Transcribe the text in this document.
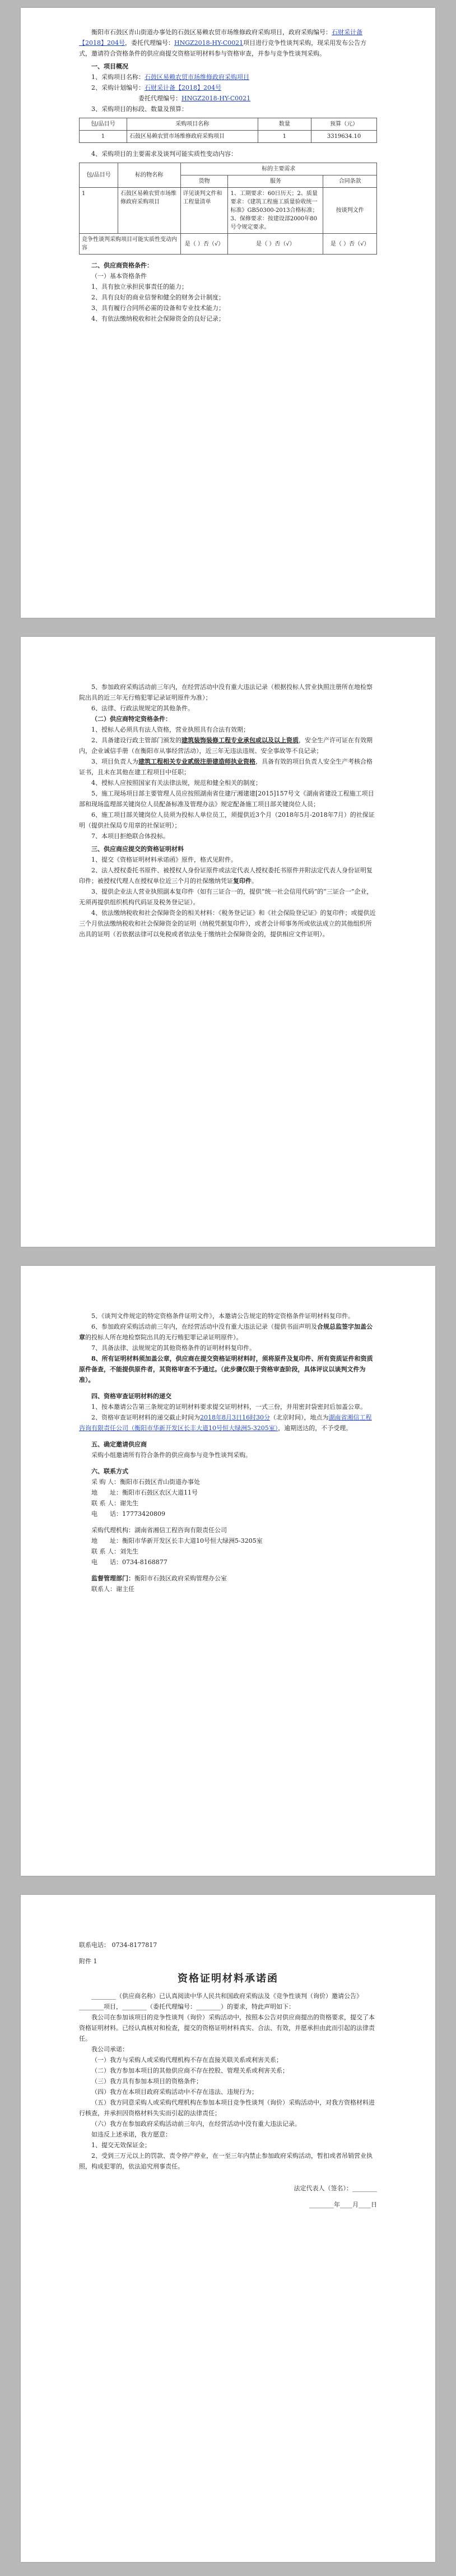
衡阳市石鼓区青山街道办事处的石鼓区易赖农贸市场维修政府采购项目，政府采购编号：石财采计备【2018】204号，委托代理编号：HNGZ2018-HY-C0021项目进行竞争性谈判采购，现采用发布公告方式，邀请符合资格条件的供应商提交资格证明材料参与资格审查，并参与竞争性谈判采购。

一、项目概况

1、采购项目名称：石鼓区易赖农贸市场维修政府采购项目

2、采购计划编号：石财采计备【2018】204号

委托代理编号：HNGZ2018-HY-C0021

3、采购项目的标段、数量及预算：

包/品目号	采购项目名称	数量	预算（元）
1	石鼓区易赖农贸市场维修政府采购项目	1	3319634.10

4、采购项目的主要需求及谈判可能实质性变动内容：

包/品目号	标的物名称	标的主要需求		
		货物	服务	合同条款
1	石鼓区易赖农贸市场维修政府采购项目	详见谈判文件和工程量清单	1、工期要求：60日历天；2、质量要求：《建筑工程施工质量验收统一标准》GB50300-2013合格标准；3、保修要求：按建设部2000年80号令规定要求。	按谈判文件
竞争性谈判采购项目可能实质性变动内容		是（ ）否（√）	是（ ）否（√）	是（ ）否（√）

二、供应商资格条件：

（一）基本资格条件

1、具有独立承担民事责任的能力；

2、具有良好的商业信誉和健全的财务会计制度；

3、具有履行合同所必需的设备和专业技术能力；

4、有依法缴纳税收和社会保障资金的良好记录；

5、参加政府采购活动前三年内，在经营活动中没有重大违法记录（根据投标人营业执照注册所在地检察院出具的近三年无行贿犯罪记录证明原件为准）；

6、法律、行政法规规定的其他条件。

（二）供应商特定资格条件：

1、授标人必须具有法人资格，营业执照具有合法有效期；

2、具备建设行政主管部门颁发的建筑装饰装修工程专业承包或以及以上资质，安全生产许可证在有效期内，企业诚信手册（在衡阳市从事经营活动），近三年无违法违规、安全事故等不良记录；

3、项目负责人为建筑工程相关专业贰级注册建造师执业资格，具备有效的项目负责人安全生产考核合格证书，且未在其他在建工程项目中任职；

4、授标人应按照国家有关法律法规，规范和健全相关的制度；

5、施工现场项目部主要管理人员应按照湖南省住建厅湘建建[2015]157号文《湖南省建设工程施工项目部和现场监理部关键岗位人员配备标准及管理办法》规定配备施工项目部关键岗位人员；

6、施工项目部关键岗位人员须为投标人单位员工，须提供近3个月（2018年5月-2018年7月）的社保证明（提供社保局专用章的社保证明）；

7、本项目拒绝联合体投标。

三、供应商应提交的资格证明材料

1、提交《资格证明材料承诺函》原件，格式见附件。

2、法人授权委托书原件、被授权人身份证原件或法定代表人授权委托书原件并附法定代表人身份证明复印件；被授权代理人在授权单位近三个月的社保缴纳凭证复印件。

3、提供企业法人营业执照副本复印件（如有三证合一的，提供“统一社会信用代码”的“三证合一”企业，无须再提供组织机构代码证及税务登记证）。

4、依法缴纳税收和社会保障资金的相关材料：《税务登记证》和《社会保险登记证》的复印件；或提供近三个月依法缴纳税收和社会保障资金的证明（纳税凭据复印件），或者会计师事务所或依法成立的其他组织所出具的证明（若依据法律可以免税或者依法免于缴纳社会保障资金的，提供相应文件证明）。

5、《谈判文件规定的特定资格条件证明文件》，本邀请公告规定的特定资格条件证明材料复印件。

6、参加政府采购活动前三年内，在经营活动中没有重大违法记录（提供书面声明及合规总监签字加盖公章的投标人所在地检察院出具的无行贿犯罪记录证明原件）。

7、具备法律、法规规定的其他资格条件的证明材料复印件。

8、所有证明材料须加盖公章，供应商在提交资格证明材料时，须将原件及复印件、所有资质证件和资质原件备查，不能提供原件者，其资格审查不予通过。（此步骤仅限于资格审查阶段，具体评议以谈判文件为准）。

四、资格审查证明材料的递交

1、按本邀请公告第三条规定的证明材料要求提交证明材料，一式三份，并用密封袋密封后加盖公章。

2、资格审查证明材料的递交截止时间为2018年8月3日16时30分（北京时间），地点为湖南省湘信工程咨询有限责任公司（衡阳市华新开发区长丰大道10号恒大绿洲5-3205室），逾期送达的，不予受理。

五、确定邀请供应商

采购小组邀请所有符合条件的供应商参与竞争性谈判采购。

六、联系方式

采 购 人：衡阳市石鼓区青山街道办事处

地　　址：衡阳市石鼓区农区大道11号

联 系 人：谢先生

电　　话：17773420809

采购代理机构：湖南省湘信工程咨询有限责任公司

地　　址：衡阳市华新开发区长丰大道10号恒大绿洲5-3205室

联 系 人：刘先生

电　　话：0734-8168877

监督管理部门：衡阳市石鼓区政府采购管理办公室

联系人：谢主任

联系电话： 0734-8177817

附件 1

资格证明材料承诺函

________（供应商名称）已认真阅读中华人民共和国政府采购法及《竞争性谈判（询价）邀请公告》________项目，________（委托代理编号：________）的要求，特此声明如下：

我公司在参加该项目的竞争性谈判（询价）采购活动中，按照本公告对供应商提出的资格要求，提交了本资格证明材料。已经认真核对和检查，提交的资格证明材料真实、合法、有效，并愿承担由此而引起的法律责任。

我公司承诺：

（一）我方与采购人或采购代理机构不存在直接关联关系或利害关系；

（二）我方参加本项目的其他供应商不存在控股、管理关系或利害关系；

（三）我方具有参加本项目的资格条件；

（四）我方在本项目政府采购活动中不存在违法、违规行为；

（五）我方同意采购人或采购代理机构在参加本项目竞争性谈判（询价）采购活动中，对我方资格材料进行核查，并承担因资格材料失实而引起的法律责任；

（六）我方在参加政府采购活动前三年内，在经营活动中没有重大违法记录。

如违反上述承诺，我方愿意：

1、提交无效保证金；

2、受到三万元以上的罚款、责令停产停业，在一至三年内禁止参加政府采购活动，暂扣或者吊销营业执照，构成犯罪的，依法追究刑事责任。

法定代表人（签名）：________

________年____月____日
